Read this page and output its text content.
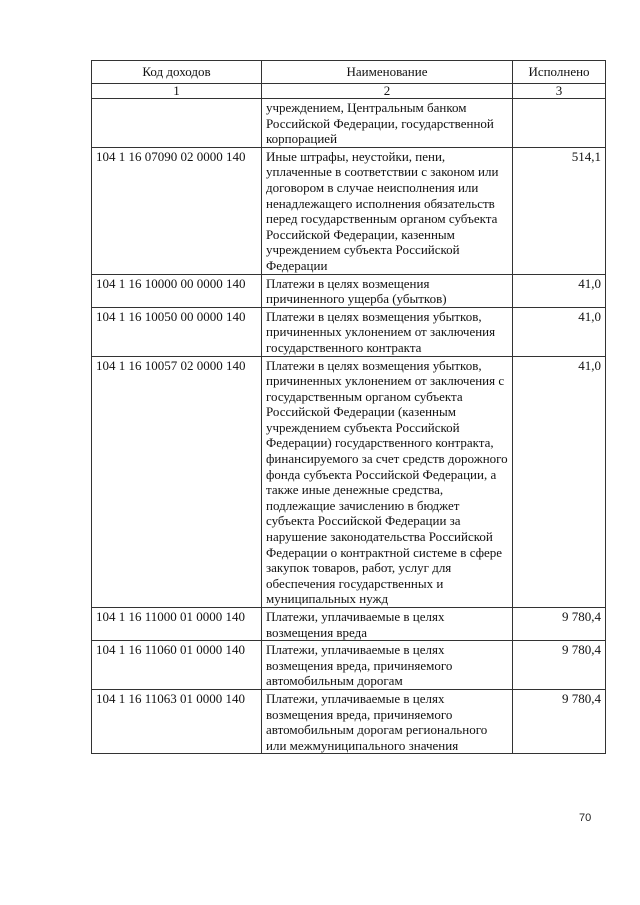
Код доходов	Наименование	Исполнено
1	2	3
	учреждением, Центральным банком Российской Федерации, государственной корпорацией	
104 1 16 07090 02 0000 140	Иные штрафы, неустойки, пени, уплаченные в соответствии с законом или договором в случае неисполнения или ненадлежащего исполнения обязательств перед государственным органом субъекта Российской Федерации, казенным учреждением субъекта Российской Федерации	514,1
104 1 16 10000 00 0000 140	Платежи в целях возмещения причиненного ущерба (убытков)	41,0
104 1 16 10050 00 0000 140	Платежи в целях возмещения убытков, причиненных уклонением от заключения государственного контракта	41,0
104 1 16 10057 02 0000 140	Платежи в целях возмещения убытков, причиненных уклонением от заключения с государственным органом субъекта Российской Федерации (казенным учреждением субъекта Российской Федерации) государственного контракта, финансируемого за счет средств дорожного фонда субъекта Российской Федерации, а также иные денежные средства, подлежащие зачислению в бюджет субъекта Российской Федерации за нарушение законодательства Российской Федерации о контрактной системе в сфере закупок товаров, работ, услуг для обеспечения государственных и муниципальных нужд	41,0
104 1 16 11000 01 0000 140	Платежи, уплачиваемые в целях возмещения вреда	9 780,4
104 1 16 11060 01 0000 140	Платежи, уплачиваемые в целях возмещения вреда, причиняемого автомобильным дорогам	9 780,4
104 1 16 11063 01 0000 140	Платежи, уплачиваемые в целях возмещения вреда, причиняемого автомобильным дорогам регионального или межмуниципального значения	9 780,4
70
